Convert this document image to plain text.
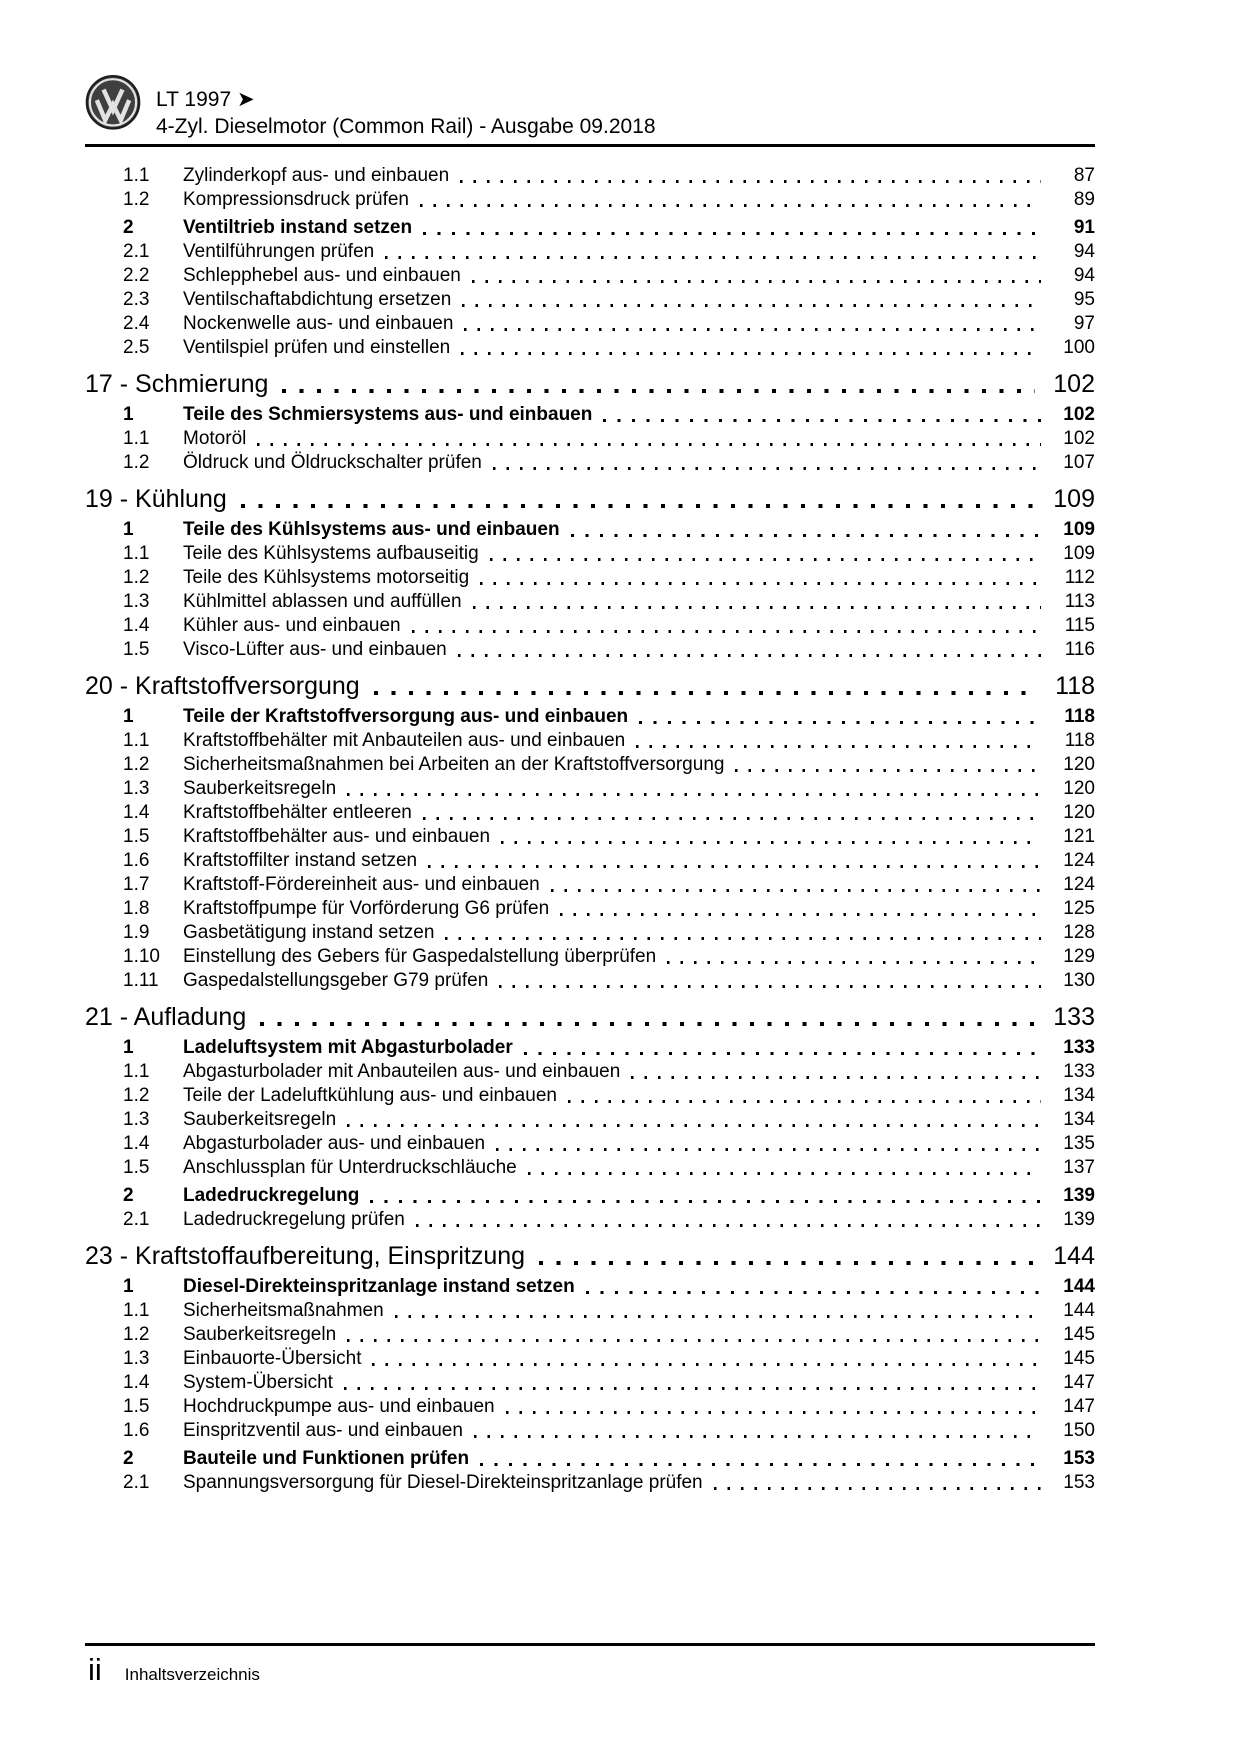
LT 1997 ➤
4-Zyl. Dieselmotor (Common Rail) - Ausgabe 09.2018
1.1	Zylinderkopf aus- und einbauen	87
1.2	Kompressionsdruck prüfen	89
2	Ventiltrieb instand setzen	91
2.1	Ventilführungen prüfen	94
2.2	Schlepphebel aus- und einbauen	94
2.3	Ventilschaftabdichtung ersetzen	95
2.4	Nockenwelle aus- und einbauen	97
2.5	Ventilspiel prüfen und einstellen	100
17 - Schmierung	102
1	Teile des Schmiersystems aus- und einbauen	102
1.1	Motoröl	102
1.2	Öldruck und Öldruckschalter prüfen	107
19 - Kühlung	109
1	Teile des Kühlsystems aus- und einbauen	109
1.1	Teile des Kühlsystems aufbauseitig	109
1.2	Teile des Kühlsystems motorseitig	112
1.3	Kühlmittel ablassen und auffüllen	113
1.4	Kühler aus- und einbauen	115
1.5	Visco-Lüfter aus- und einbauen	116
20 - Kraftstoffversorgung	118
1	Teile der Kraftstoffversorgung aus- und einbauen	118
1.1	Kraftstoffbehälter mit Anbauteilen aus- und einbauen	118
1.2	Sicherheitsmaßnahmen bei Arbeiten an der Kraftstoffversorgung	120
1.3	Sauberkeitsregeln	120
1.4	Kraftstoffbehälter entleeren	120
1.5	Kraftstoffbehälter aus- und einbauen	121
1.6	Kraftstoffilter instand setzen	124
1.7	Kraftstoff-Fördereinheit aus- und einbauen	124
1.8	Kraftstoffpumpe für Vorförderung G6 prüfen	125
1.9	Gasbetätigung instand setzen	128
1.10	Einstellung des Gebers für Gaspedalstellung überprüfen	129
1.11	Gaspedalstellungsgeber G79 prüfen	130
21 - Aufladung	133
1	Ladeluftsystem mit Abgasturbolader	133
1.1	Abgasturbolader mit Anbauteilen aus- und einbauen	133
1.2	Teile der Ladeluftkühlung aus- und einbauen	134
1.3	Sauberkeitsregeln	134
1.4	Abgasturbolader aus- und einbauen	135
1.5	Anschlussplan für Unterdruckschläuche	137
2	Ladedruckregelung	139
2.1	Ladedruckregelung prüfen	139
23 - Kraftstoffaufbereitung, Einspritzung	144
1	Diesel-Direkteinspritzanlage instand setzen	144
1.1	Sicherheitsmaßnahmen	144
1.2	Sauberkeitsregeln	145
1.3	Einbauorte-Übersicht	145
1.4	System-Übersicht	147
1.5	Hochdruckpumpe aus- und einbauen	147
1.6	Einspritzventil aus- und einbauen	150
2	Bauteile und Funktionen prüfen	153
2.1	Spannungsversorgung für Diesel-Direkteinspritzanlage prüfen	153
ii Inhaltsverzeichnis
